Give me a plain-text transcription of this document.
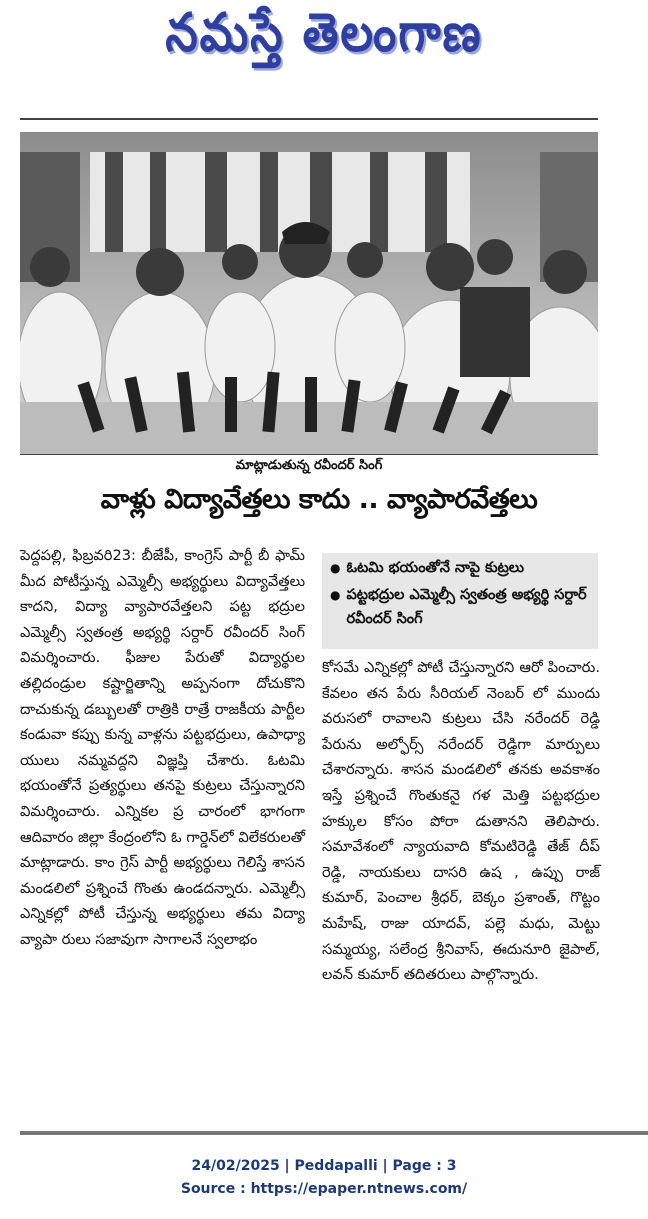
నమస్తే తెలంగాణ
మాట్లాడుతున్న రవీందర్ సింగ్
వాళ్లు విద్యావేత్తలు కాదు .. వ్యాపారవేత్తలు

పెద్దపల్లి, ఫిబ్రవరి23: బీజేపీ, కాంగ్రెస్ పార్టీ బీ ఫామ్ మీద పోటీస్తున్న ఎమ్మెల్సీ అభ్యర్థులు విద్యావేత్తలు కాదని, విద్యా వ్యాపారవేత్తలని పట్ట భద్రుల ఎమ్మెల్సీ స్వతంత్ర అభ్యర్థి సర్దార్ రవీందర్ సింగ్ విమర్శించారు. ఫీజుల పేరుతో విద్యార్థుల తల్లిదండ్రుల కష్టార్జితాన్ని అప్పనంగా దోచుకొని దాచుకున్న డబ్బులతో రాత్రికి రాత్రే రాజకీయ పార్టీల కండువా కప్పు కున్న వాళ్లను పట్టభద్రులు, ఉపాధ్యా యులు నమ్మవద్దని విజ్ఞప్తి చేశారు. ఓటమి భయంతోనే ప్రత్యర్థులు తనపై కుట్రలు చేస్తున్నారని విమర్శించారు. ఎన్నికల ప్ర చారంలో భాగంగా ఆదివారం జిల్లా కేంద్రంలోని ఓ గార్డెన్‌లో విలేకరులతో మాట్లాడారు. కాం గ్రెస్ పార్టీ అభ్యర్థులు గెలిస్తే శాసన మండలిలో ప్రశ్నించే గొంతు ఉండదన్నారు. ఎమ్మెల్సీ ఎన్నికల్లో పోటీ చేస్తున్న అభ్యర్థులు తమ విద్యా వ్యాపా రులు సజావుగా సాగాలనే స్వలాభం

● ఓటమి భయంతోనే నాపై కుట్రలు
● పట్టభద్రుల ఎమ్మెల్సీ స్వతంత్ర అభ్యర్థి సర్దార్ రవీందర్ సింగ్

కోసమే ఎన్నికల్లో పోటీ చేస్తున్నారని ఆరో పించారు. కేవలం తన పేరు సీరియల్ నెంబర్ లో ముందు వరుసలో రావాలని కుట్రలు చేసి నరేందర్ రెడ్డి పేరును అల్ఫోర్స్ నరేందర్ రెడ్డిగా మార్పులు చేశారన్నారు. శాసన మండలిలో తనకు అవకాశం ఇస్తే ప్రశ్నించే గొంతుకనై గళ మెత్తి పట్టభద్రుల హక్కుల కోసం పోరా డుతానని తెలిపారు. సమావేశంలో న్యాయవాది కోమటిరెడ్డి తేజ్ దీప్ రెడ్డి, నాయకులు దాసరి ఉష , ఉప్పు రాజ్ కుమార్, పెంచాల శ్రీధర్, బెక్కం ప్రశాంత్, గొట్టం మహేష్, రాజు యాదవ్, పల్లె మధు, మెట్టు సమ్మయ్య, సలేంద్ర శ్రీనివాస్, ఈదునూరి జైపాల్, లవన్ కుమార్ తదితరులు పాల్గొన్నారు.

24/02/2025 | Peddapalli | Page : 3
Source : https://epaper.ntnews.com/
